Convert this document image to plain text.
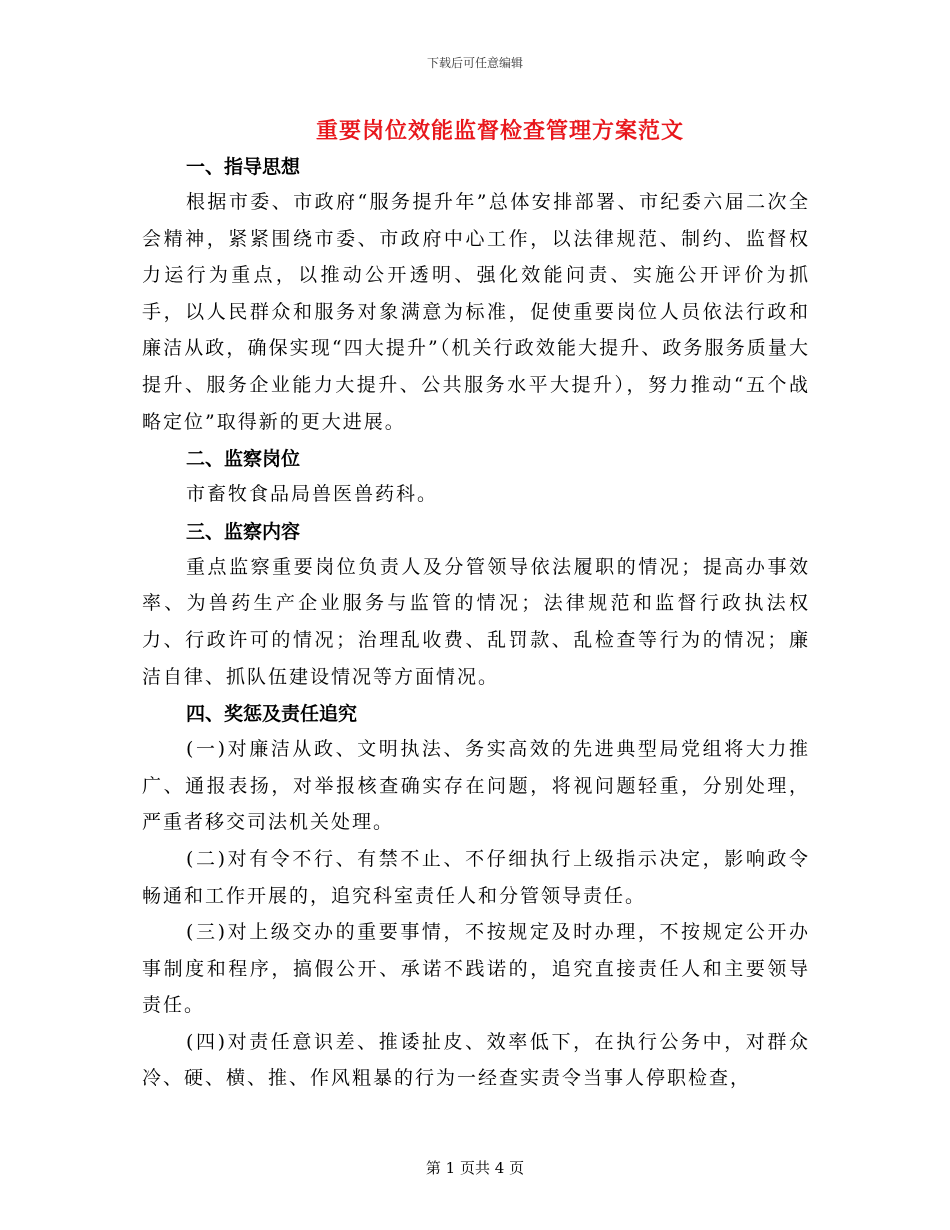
下载后可任意编辑
重要岗位效能监督检查管理方案范文

一、指导思想

根据市委、市政府“服务提升年”总体安排部署、市纪委六届二次全会精神，紧紧围绕市委、市政府中心工作，以法律规范、制约、监督权力运行为重点，以推动公开透明、强化效能问责、实施公开评价为抓手，以人民群众和服务对象满意为标准，促使重要岗位人员依法行政和廉洁从政，确保实现“四大提升”（机关行政效能大提升、政务服务质量大提升、服务企业能力大提升、公共服务水平大提升），努力推动“五个战略定位”取得新的更大进展。

二、监察岗位

市畜牧食品局兽医兽药科。

三、监察内容

重点监察重要岗位负责人及分管领导依法履职的情况；提高办事效率、为兽药生产企业服务与监管的情况；法律规范和监督行政执法权力、行政许可的情况；治理乱收费、乱罚款、乱检查等行为的情况；廉洁自律、抓队伍建设情况等方面情况。

四、奖惩及责任追究

(一)对廉洁从政、文明执法、务实高效的先进典型局党组将大力推广、通报表扬，对举报核查确实存在问题，将视问题轻重，分别处理，严重者移交司法机关处理。

(二)对有令不行、有禁不止、不仔细执行上级指示决定，影响政令畅通和工作开展的，追究科室责任人和分管领导责任。

(三)对上级交办的重要事情，不按规定及时办理，不按规定公开办事制度和程序，搞假公开、承诺不践诺的，追究直接责任人和主要领导责任。

(四)对责任意识差、推诿扯皮、效率低下，在执行公务中，对群众冷、硬、横、推、作风粗暴的行为一经查实责令当事人停职检查，

第 1 页共 4 页
